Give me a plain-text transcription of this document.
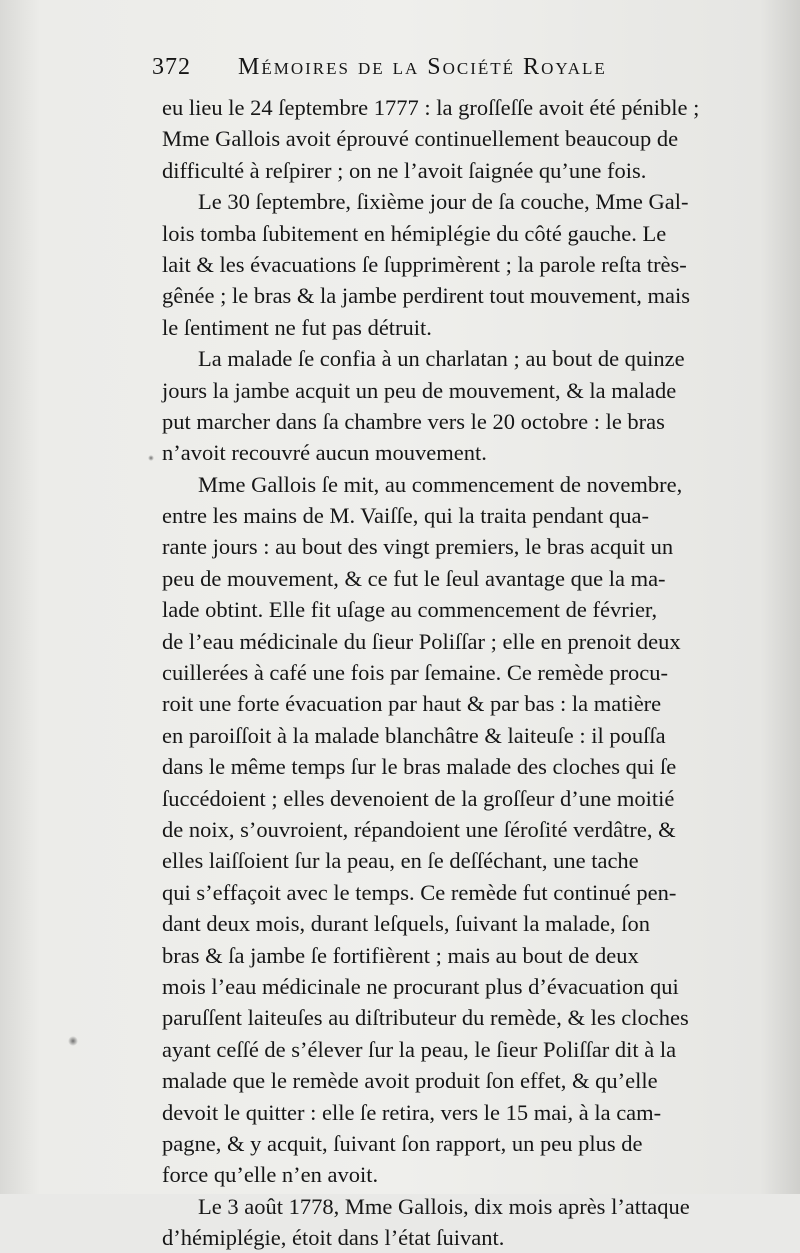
372 Mémoires de la Société Royale
eu lieu le 24 ſeptembre 1777 : la groſſeſſe avoit été pénible ;
Mme Gallois avoit éprouvé continuellement beaucoup de
difficulté à reſpirer ; on ne l’avoit ſaignée qu’une fois.
Le 30 ſeptembre, ſixième jour de ſa couche, Mme Gal-
lois tomba ſubitement en hémiplégie du côté gauche. Le
lait & les évacuations ſe ſupprimèrent ; la parole reſta très-
gênée ; le bras & la jambe perdirent tout mouvement, mais
le ſentiment ne fut pas détruit.
La malade ſe confia à un charlatan ; au bout de quinze
jours la jambe acquit un peu de mouvement, & la malade
put marcher dans ſa chambre vers le 20 octobre : le bras
n’avoit recouvré aucun mouvement.
Mme Gallois ſe mit, au commencement de novembre,
entre les mains de M. Vaiſſe, qui la traita pendant qua-
rante jours : au bout des vingt premiers, le bras acquit un
peu de mouvement, & ce fut le ſeul avantage que la ma-
lade obtint. Elle fit uſage au commencement de février,
de l’eau médicinale du ſieur Poliſſar ; elle en prenoit deux
cuillerées à café une fois par ſemaine. Ce remède procu-
roit une forte évacuation par haut & par bas : la matière
en paroiſſoit à la malade blanchâtre & laiteuſe : il pouſſa
dans le même temps ſur le bras malade des cloches qui ſe
ſuccédoient ; elles devenoient de la groſſeur d’une moitié
de noix, s’ouvroient, répandoient une ſéroſité verdâtre, &
elles laiſſoient ſur la peau, en ſe deſſéchant, une tache
qui s’effaçoit avec le temps. Ce remède fut continué pen-
dant deux mois, durant leſquels, ſuivant la malade, ſon
bras & ſa jambe ſe fortifièrent ; mais au bout de deux
mois l’eau médicinale ne procurant plus d’évacuation qui
paruſſent laiteuſes au diſtributeur du remède, & les cloches
ayant ceſſé de s’élever ſur la peau, le ſieur Poliſſar dit à la
malade que le remède avoit produit ſon effet, & qu’elle
devoit le quitter : elle ſe retira, vers le 15 mai, à la cam-
pagne, & y acquit, ſuivant ſon rapport, un peu plus de
force qu’elle n’en avoit.
Le 3 août 1778, Mme Gallois, dix mois après l’attaque
d’hémiplégie, étoit dans l’état ſuivant.
